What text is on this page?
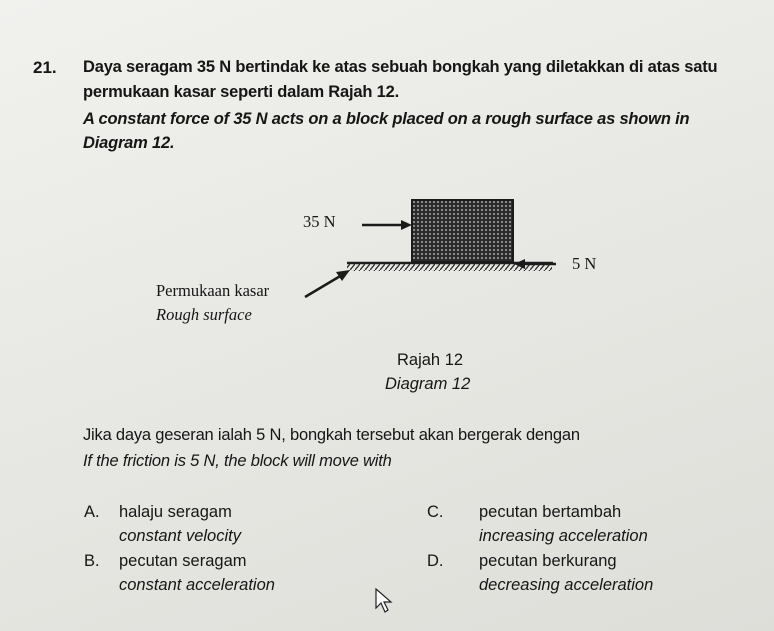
21. Daya seragam 35 N bertindak ke atas sebuah bongkah yang diletakkan di atas satu
permukaan kasar seperti dalam Rajah 12.
A constant force of 35 N acts on a block placed on a rough surface as shown in
Diagram 12.
35 N
5 N
Permukaan kasar
Rough surface
Rajah 12
Diagram 12
Jika daya geseran ialah 5 N, bongkah tersebut akan bergerak dengan
If the friction is 5 N, the block will move with
A. halaju seragam
constant velocity
B. pecutan seragam
constant acceleration
C. pecutan bertambah
increasing acceleration
D. pecutan berkurang
decreasing acceleration
